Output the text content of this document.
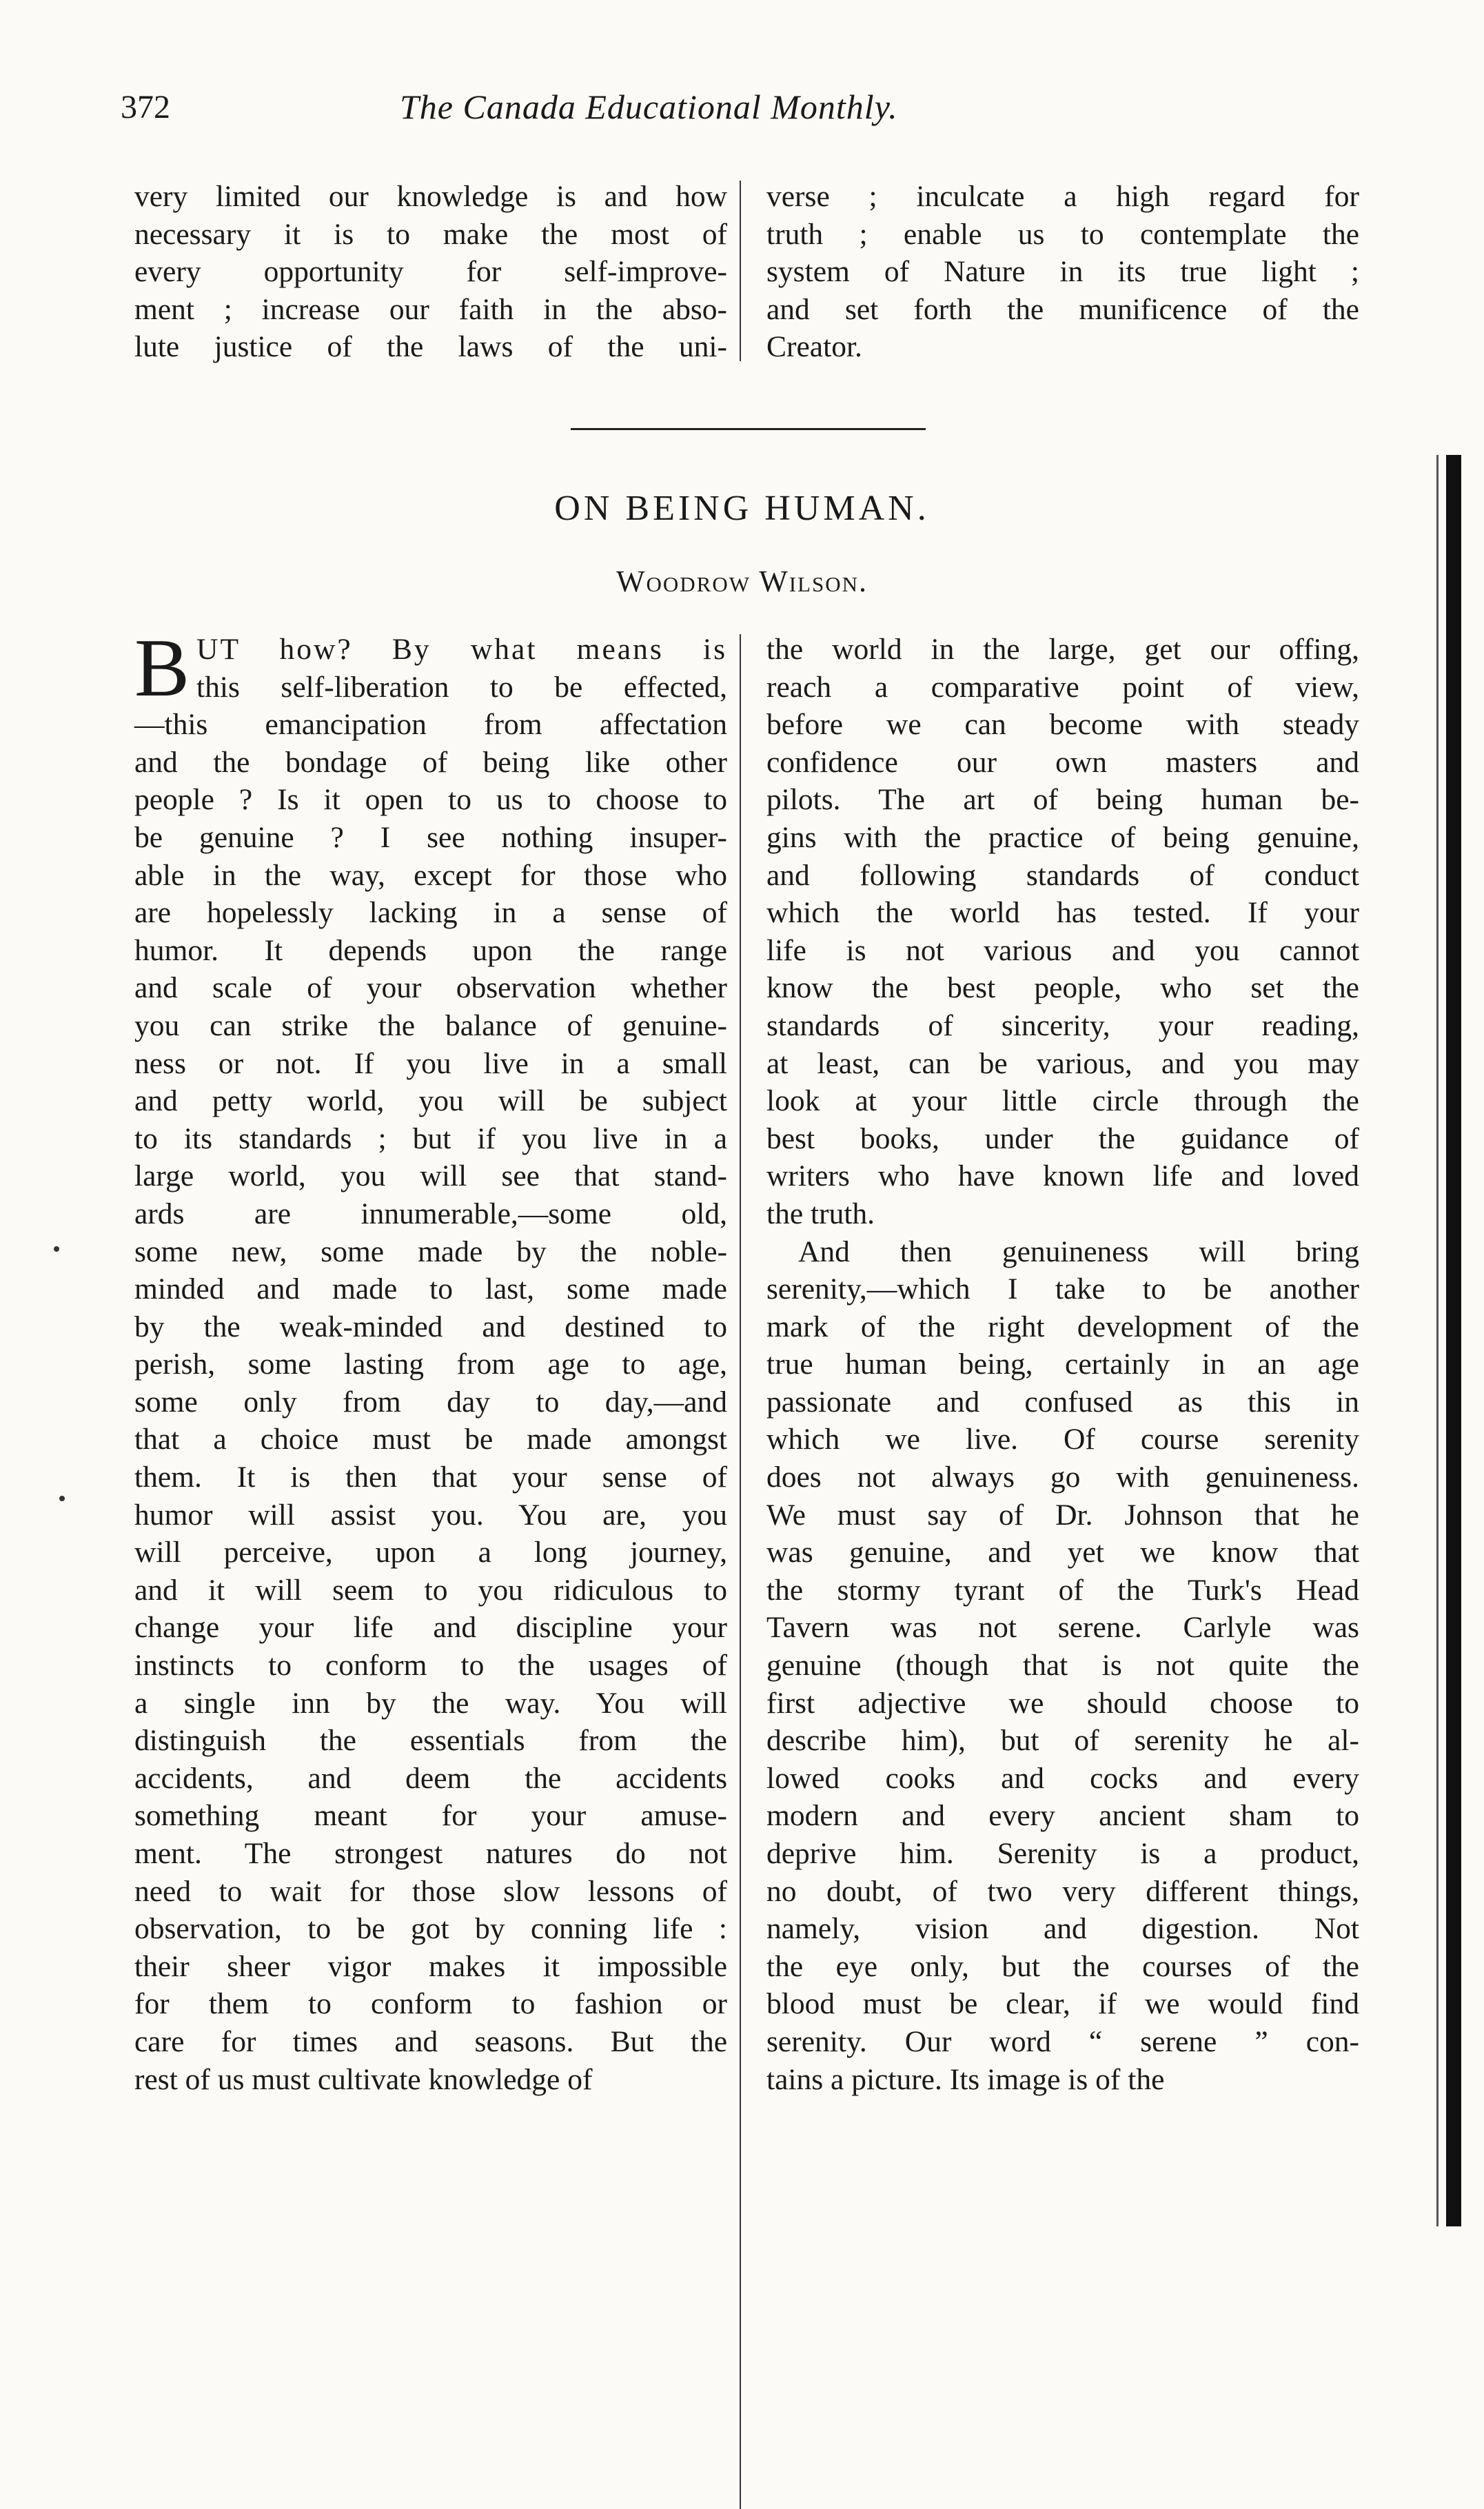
372	The Canada Educational Monthly.

very limited our knowledge is and how

necessary it is to make the most of

every opportunity for self-improve-

ment ; increase our faith in the abso-

lute justice of the laws of the uni-

verse ; inculcate a high regard for

truth ; enable us to contemplate the

system of Nature in its true light ;

and set forth the munificence of the

Creator.

ON BEING HUMAN.
Woodrow Wilson.
B UT how? By what means is

this self-liberation to be effected,

—this emancipation from affectation

and the bondage of being like other

people ? Is it open to us to choose to

be genuine ? I see nothing insuper-

able in the way, except for those who

are hopelessly lacking in a sense of

humor. It depends upon the range

and scale of your observation whether

you can strike the balance of genuine-

ness or not. If you live in a small

and petty world, you will be subject

to its standards ; but if you live in a

large world, you will see that stand-

ards are innumerable,—some old,

some new, some made by the noble-

minded and made to last, some made

by the weak-minded and destined to

perish, some lasting from age to age,

some only from day to day,—and

that a choice must be made amongst

them. It is then that your sense of

humor will assist you. You are, you

will perceive, upon a long journey,

and it will seem to you ridiculous to

change your life and discipline your

instincts to conform to the usages of

a single inn by the way. You will

distinguish the essentials from the

accidents, and deem the accidents

something meant for your amuse-

ment. The strongest natures do not

need to wait for those slow lessons of

observation, to be got by conning life :

their sheer vigor makes it impossible

for them to conform to fashion or

care for times and seasons. But the

rest of us must cultivate knowledge of

the world in the large, get our offing,

reach a comparative point of view,

before we can become with steady

confidence our own masters and

pilots. The art of being human be-

gins with the practice of being genuine,

and following standards of conduct

which the world has tested. If your

life is not various and you cannot

know the best people, who set the

standards of sincerity, your reading,

at least, can be various, and you may

look at your little circle through the

best books, under the guidance of

writers who have known life and loved

the truth.

And then genuineness will bring

serenity,—which I take to be another

mark of the right development of the

true human being, certainly in an age

passionate and confused as this in

which we live. Of course serenity

does not always go with genuineness.

We must say of Dr. Johnson that he

was genuine, and yet we know that

the stormy tyrant of the Turk's Head

Tavern was not serene. Carlyle was

genuine (though that is not quite the

first adjective we should choose to

describe him), but of serenity he al-

lowed cooks and cocks and every

modern and every ancient sham to

deprive him. Serenity is a product,

no doubt, of two very different things,

namely, vision and digestion. Not

the eye only, but the courses of the

blood must be clear, if we would find

serenity. Our word “ serene ” con-

tains a picture. Its image is of the
